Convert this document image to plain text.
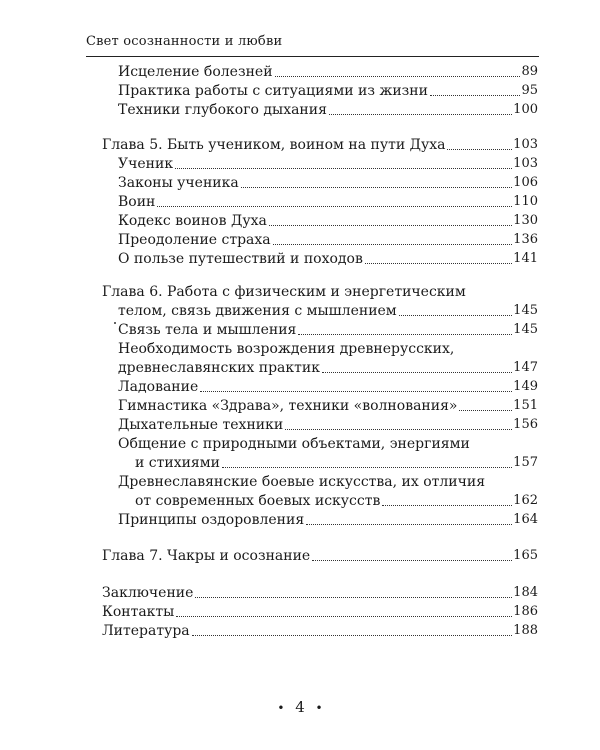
Свет осознанности и любви
Исцеление болезней	89
Практика работы с ситуациями из жизни	95
Техники глубокого дыхания	100
Глава 5. Быть учеником, воином на пути Духа	103
Ученик	103
Законы ученика	106
Воин	110
Кодекс воинов Духа	130
Преодоление страха	136
О пользе путешествий и походов	141
Глава 6. Работа с физическим и энергетическим
телом, связь движения с мышлением	145
Связь тела и мышления	145
Необходимость возрождения древнерусских,
древнеславянских практик	147
Ладование	149
Гимнастика «Здрава», техники «волнования»	151
Дыхательные техники	156
Общение с природными объектами, энергиями
и стихиями	157
Древнеславянские боевые искусства, их отличия
от современных боевых искусств	162
Принципы оздоровления	164
Глава 7. Чакры и осознание	165
Заключение	184
Контакты	186
Литература	188
• 4 •
